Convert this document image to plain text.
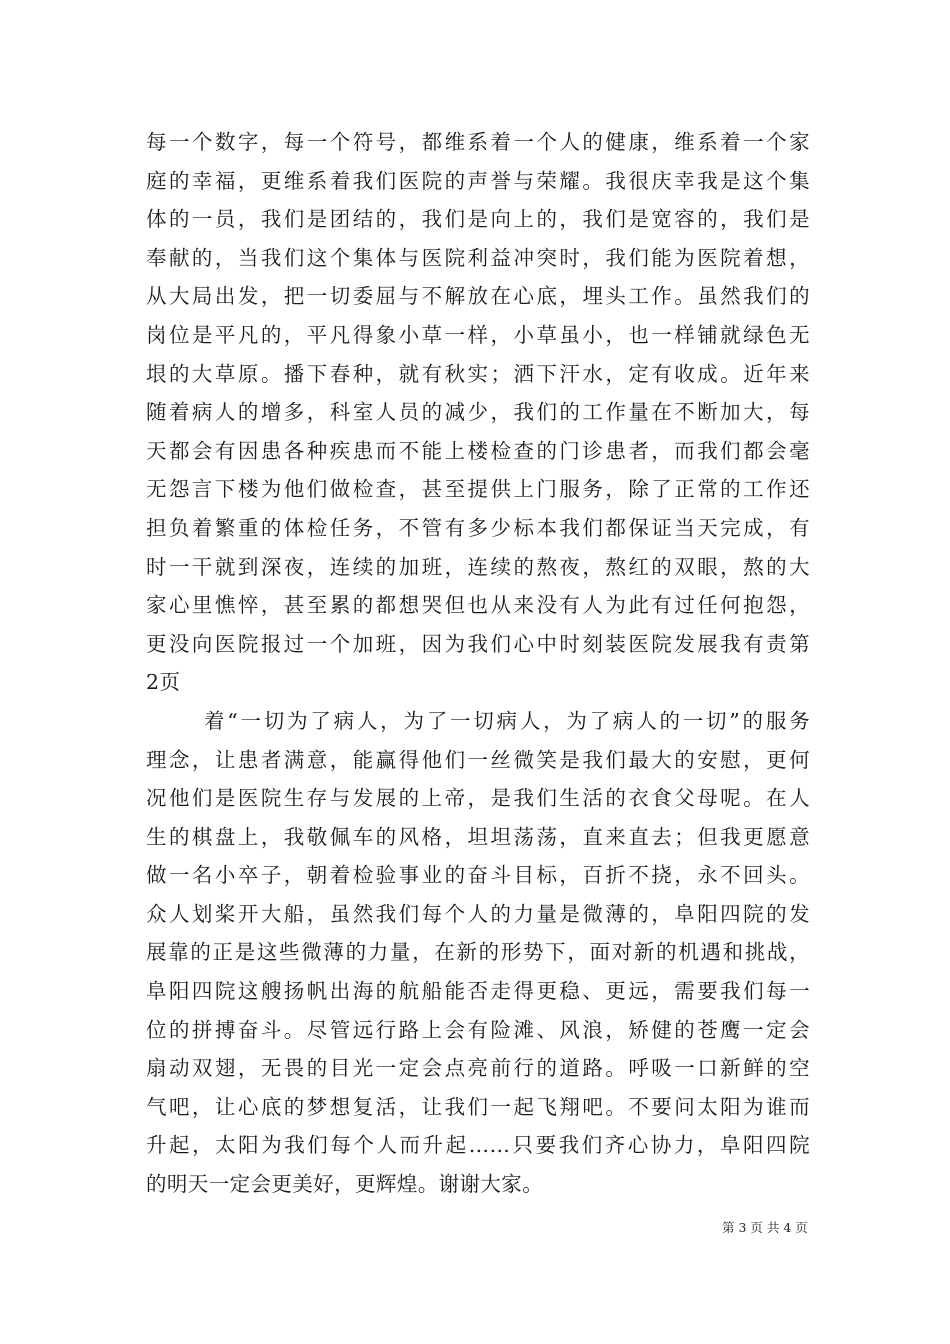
每一个数字，每一个符号，都维系着一个人的健康，维系着一个家
庭的幸福，更维系着我们医院的声誉与荣耀。我很庆幸我是这个集
体的一员，我们是团结的，我们是向上的，我们是宽容的，我们是
奉献的，当我们这个集体与医院利益冲突时，我们能为医院着想，
从大局出发，把一切委屈与不解放在心底，埋头工作。虽然我们的
岗位是平凡的，平凡得象小草一样，小草虽小，也一样铺就绿色无
垠的大草原。播下春种，就有秋实；洒下汗水，定有收成。近年来
随着病人的增多，科室人员的减少，我们的工作量在不断加大，每
天都会有因患各种疾患而不能上楼检查的门诊患者，而我们都会毫
无怨言下楼为他们做检查，甚至提供上门服务，除了正常的工作还
担负着繁重的体检任务，不管有多少标本我们都保证当天完成，有
时一干就到深夜，连续的加班，连续的熬夜，熬红的双眼，熬的大
家心里憔悴，甚至累的都想哭但也从来没有人为此有过任何抱怨，
更没向医院报过一个加班，因为我们心中时刻装医院发展我有责第
2页
着“一切为了病人，为了一切病人，为了病人的一切”的服务
理念，让患者满意，能赢得他们一丝微笑是我们最大的安慰，更何
况他们是医院生存与发展的上帝，是我们生活的衣食父母呢。在人
生的棋盘上，我敬佩车的风格，坦坦荡荡，直来直去；但我更愿意
做一名小卒子，朝着检验事业的奋斗目标，百折不挠，永不回头。
众人划桨开大船，虽然我们每个人的力量是微薄的，阜阳四院的发
展靠的正是这些微薄的力量，在新的形势下，面对新的机遇和挑战，
阜阳四院这艘扬帆出海的航船能否走得更稳、更远，需要我们每一
位的拼搏奋斗。尽管远行路上会有险滩、风浪，矫健的苍鹰一定会
扇动双翅，无畏的目光一定会点亮前行的道路。呼吸一口新鲜的空
气吧，让心底的梦想复活，让我们一起飞翔吧。不要问太阳为谁而
升起，太阳为我们每个人而升起……只要我们齐心协力，阜阳四院
的明天一定会更美好，更辉煌。谢谢大家。
第 3 页 共 4 页
